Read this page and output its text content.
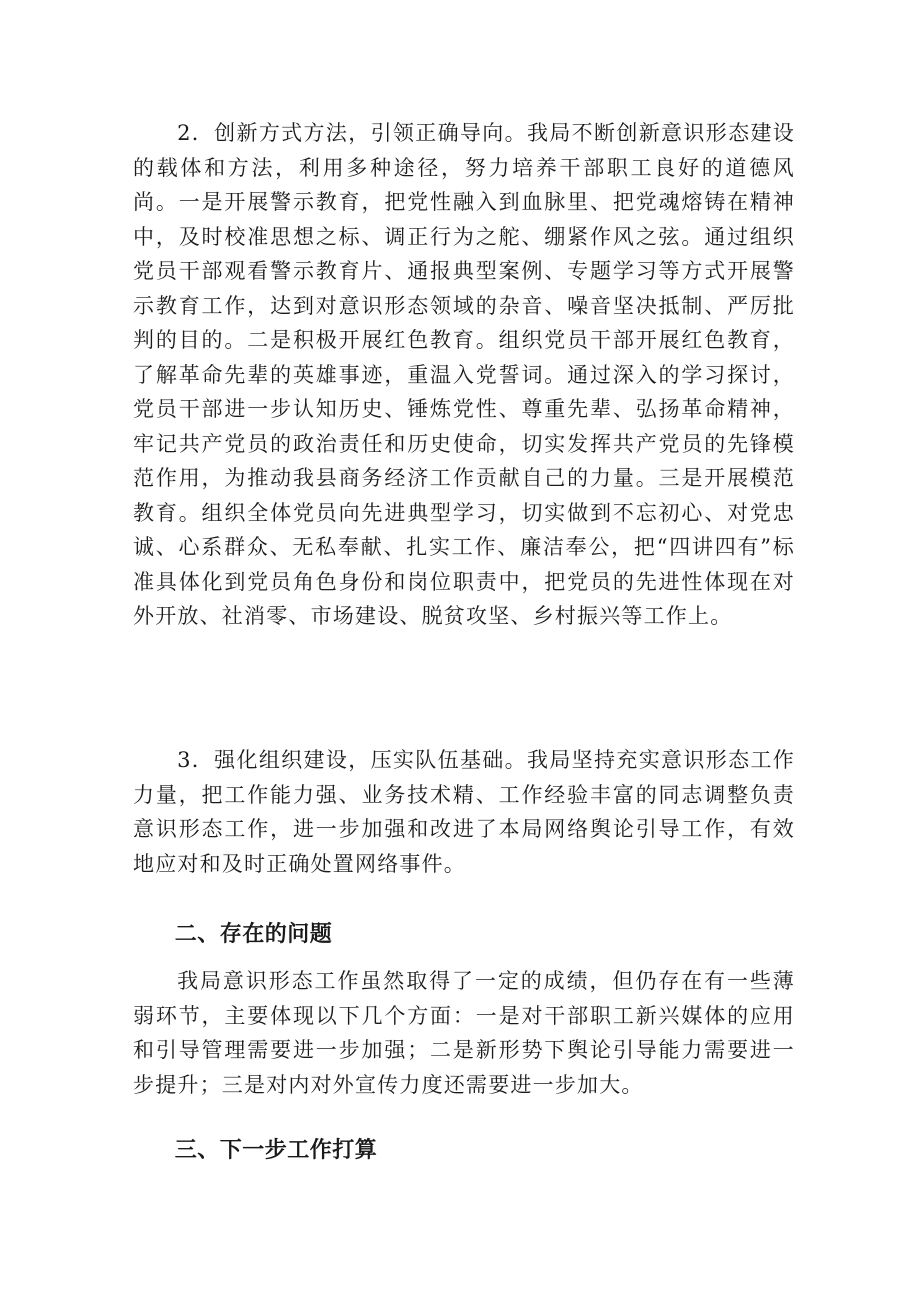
2．创新方式方法，引领正确导向。我局不断创新意识形态建设的载体和方法，利用多种途径，努力培养干部职工良好的道德风尚。一是开展警示教育，把党性融入到血脉里、把党魂熔铸在精神中，及时校准思想之标、调正行为之舵、绷紧作风之弦。通过组织党员干部观看警示教育片、通报典型案例、专题学习等方式开展警示教育工作，达到对意识形态领域的杂音、噪音坚决抵制、严厉批判的目的。二是积极开展红色教育。组织党员干部开展红色教育，了解革命先辈的英雄事迹，重温入党誓词。通过深入的学习探讨，党员干部进一步认知历史、锤炼党性、尊重先辈、弘扬革命精神，牢记共产党员的政治责任和历史使命，切实发挥共产党员的先锋模范作用，为推动我县商务经济工作贡献自己的力量。三是开展模范教育。组织全体党员向先进典型学习，切实做到不忘初心、对党忠诚、心系群众、无私奉献、扎实工作、廉洁奉公，把“四讲四有”标准具体化到党员角色身份和岗位职责中，把党员的先进性体现在对外开放、社消零、市场建设、脱贫攻坚、乡村振兴等工作上。

3．强化组织建设，压实队伍基础。我局坚持充实意识形态工作力量，把工作能力强、业务技术精、工作经验丰富的同志调整负责意识形态工作，进一步加强和改进了本局网络舆论引导工作，有效地应对和及时正确处置网络事件。

二、存在的问题

我局意识形态工作虽然取得了一定的成绩，但仍存在有一些薄弱环节，主要体现以下几个方面：一是对干部职工新兴媒体的应用和引导管理需要进一步加强；二是新形势下舆论引导能力需要进一步提升；三是对内对外宣传力度还需要进一步加大。

三、下一步工作打算
